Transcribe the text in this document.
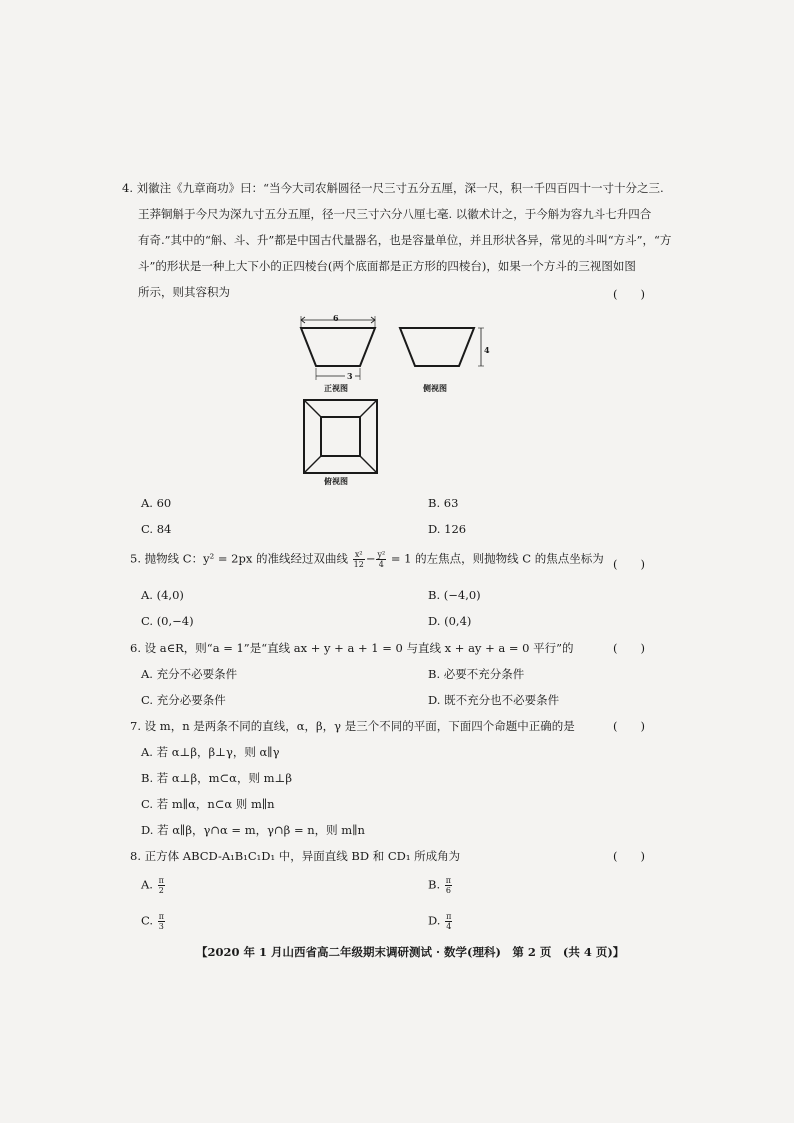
4. 刘徽注《九章商功》曰：“当今大司农斛圆径一尺三寸五分五厘，深一尺，积一千四百四十一寸十分之三.
王莽铜斛于今尺为深九寸五分五厘，径一尺三寸六分八厘七毫. 以徽术计之，于今斛为容九斗七升四合
有奇.”其中的“斛、斗、升”都是中国古代量器名，也是容量单位，并且形状各异，常见的斗叫“方斗”，“方
斗”的形状是一种上大下小的正四棱台(两个底面都是正方形的四棱台)，如果一个方斗的三视图如图
所示，则其容积为	(　　)
6
3
4
正视图	侧视图
俯视图
A. 60	B. 63
C. 84	D. 126
5. 抛物线 C：y² = 2px 的准线经过双曲线 $\frac{\text{x²}}{12} - \frac{\text{y²}}{4} = 1$ 的左焦点，则抛物线 C 的焦点坐标为 (　　)
A. (4,0)	B. (−4,0)
C. (0,−4)	D. (0,4)
6. 设 a∈R，则“a = 1”是“直线 ax + y + a + 1 = 0 与直线 x + ay + a = 0 平行”的	(　　)
A. 充分不必要条件	B. 必要不充分条件
C. 充分必要条件	D. 既不充分也不必要条件
7. 设 m，n 是两条不同的直线，α，β，γ 是三个不同的平面，下面四个命题中正确的是	(　　)
A. 若 α⊥β，β⊥γ，则 α∥γ
B. 若 α⊥β，m⊂α，则 m⊥β
C. 若 m∥α，n⊂α 则 m∥n
D. 若 α∥β，γ∩α = m，γ∩β = n，则 m∥n
8. 正方体 ABCD-A₁B₁C₁D₁ 中，异面直线 BD 和 CD₁ 所成角为	(　　)
A. $\frac{\pi}{2}$	B. $\frac{\pi}{6}$
C. $\frac{\pi}{3}$	D. $\frac{\pi}{4}$
【2020 年 1 月山西省高二年级期末调研测试 · 数学(理科)　第 2 页　(共 4 页)】
